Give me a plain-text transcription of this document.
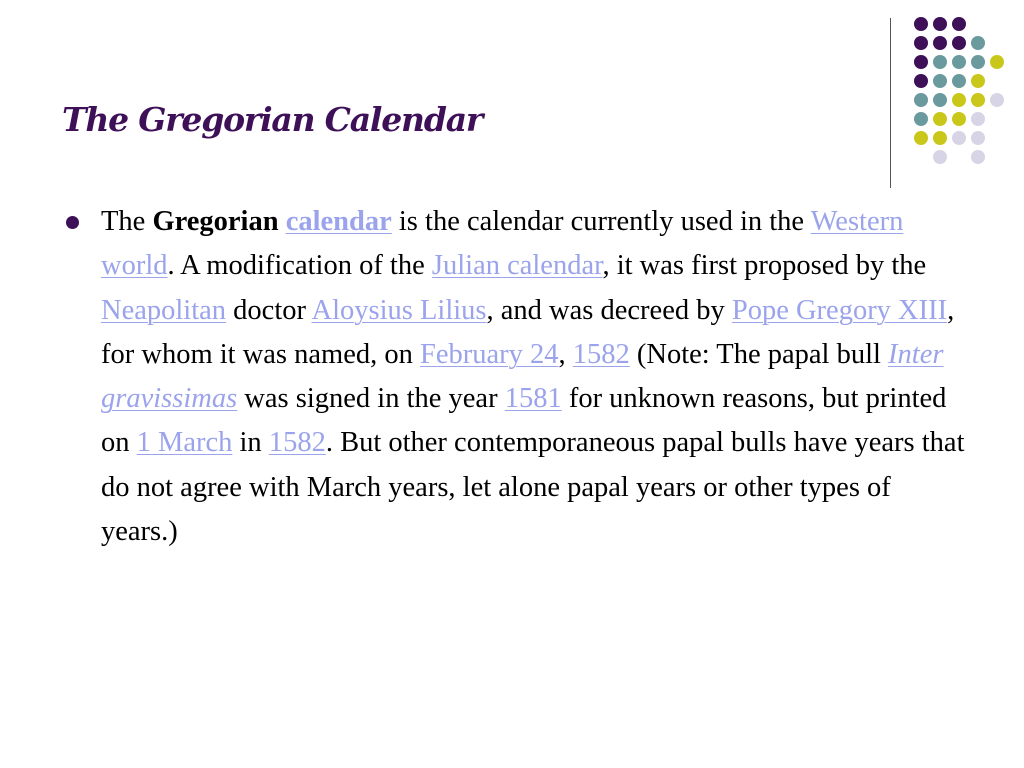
The Gregorian Calendar
The Gregorian calendar is the calendar currently used in the Western world. A modification of the Julian calendar, it was first proposed by the Neapolitan doctor Aloysius Lilius, and was decreed by Pope Gregory XIII, for whom it was named, on February 24, 1582 (Note: The papal bull Inter gravissimas was signed in the year 1581 for unknown reasons, but printed on 1 March in 1582. But other contemporaneous papal bulls have years that do not agree with March years, let alone papal years or other types of years.)
